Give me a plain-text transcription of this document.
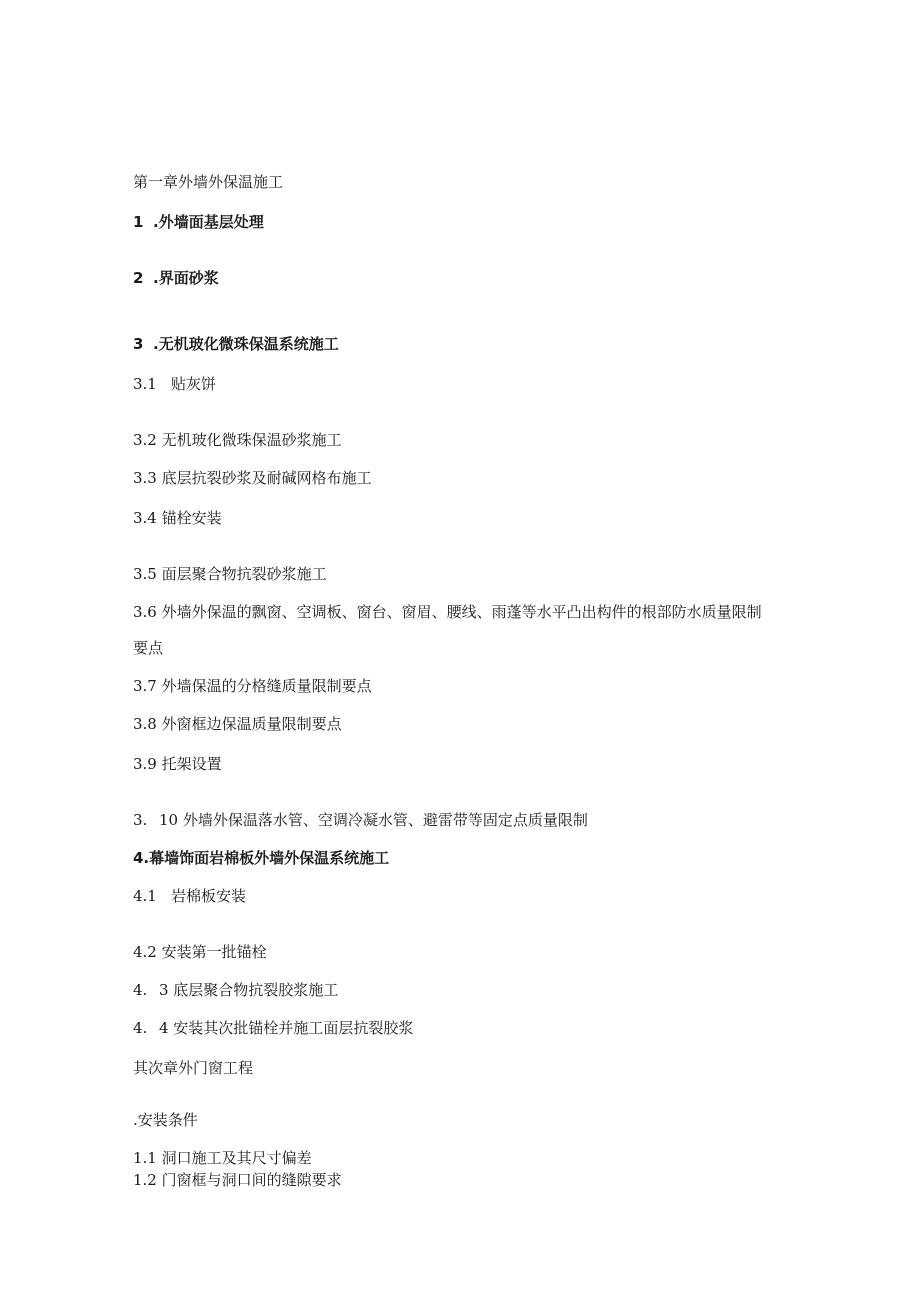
第一章外墙外保温施工
1 .外墙面基层处理
2 .界面砂浆
3 .无机玻化微珠保温系统施工
3.1 贴灰饼
3.2 无机玻化微珠保温砂浆施工
3.3 底层抗裂砂浆及耐碱网格布施工
3.4 锚栓安装
3.5 面层聚合物抗裂砂浆施工
3.6 外墙外保温的飘窗、空调板、窗台、窗眉、腰线、雨蓬等水平凸出构件的根部防水质量限制
要点
3.7 外墙保温的分格缝质量限制要点
3.8 外窗框边保温质量限制要点
3.9 托架设置
3. 10 外墙外保温落水管、空调冷凝水管、避雷带等固定点质量限制
4.幕墙饰面岩棉板外墙外保温系统施工
4.1 岩棉板安装
4.2 安装第一批锚栓
4. 3 底层聚合物抗裂胶浆施工
4. 4 安装其次批锚栓并施工面层抗裂胶浆
其次章外门窗工程
.安装条件
1.1 洞口施工及其尺寸偏差
1.2 门窗框与洞口间的缝隙要求
